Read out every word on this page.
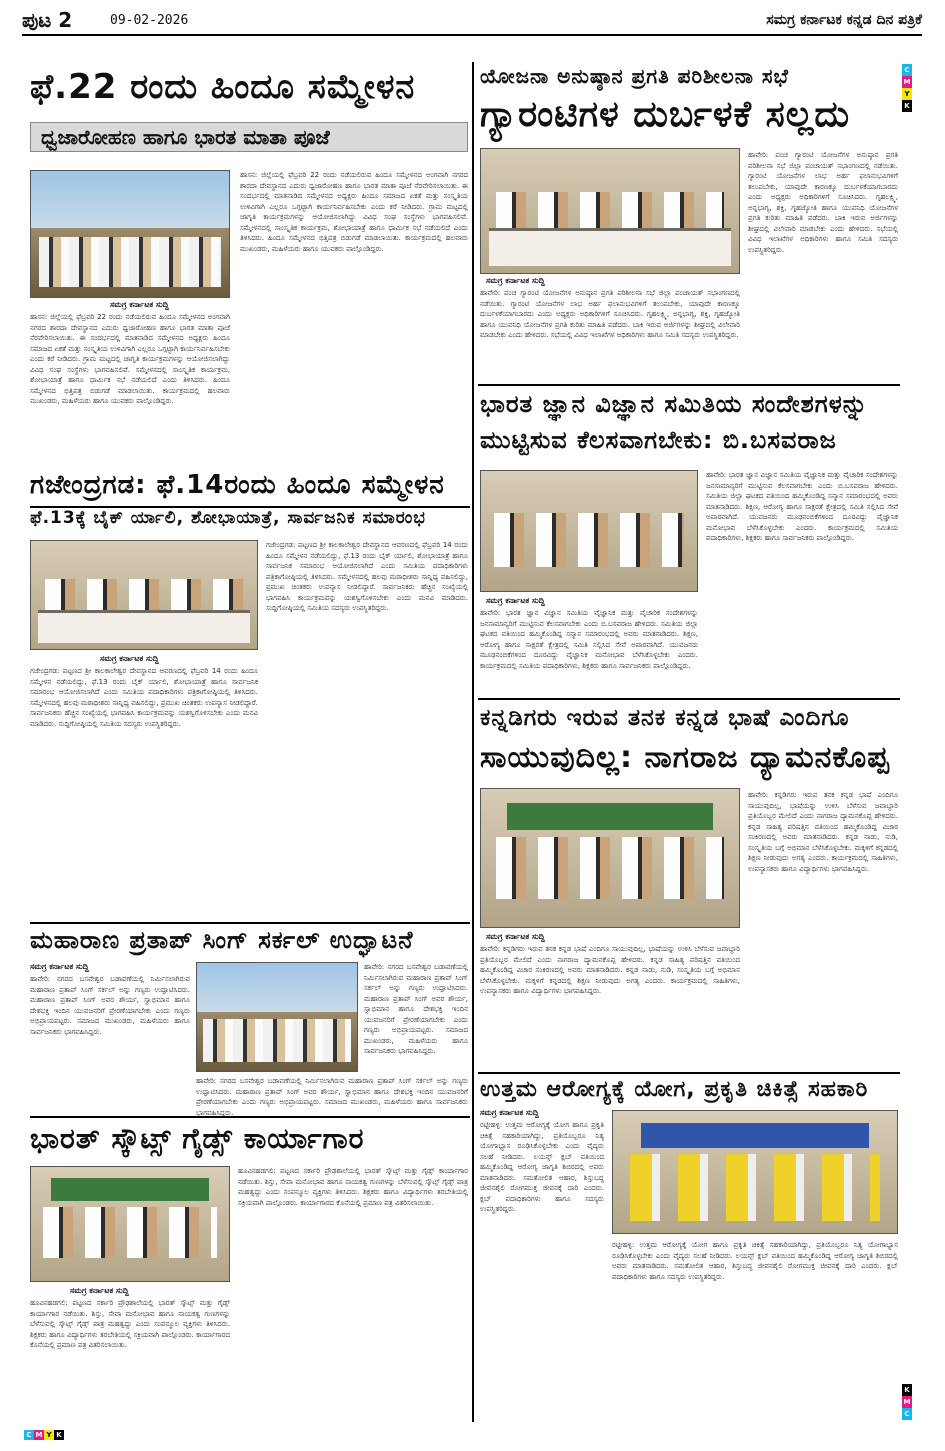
ಪುಟ 2	09-02-2026	ಸಮಗ್ರ ಕರ್ನಾಟಕ ಕನ್ನಡ ದಿನ ಪತ್ರಿಕೆ
C
M
Y
K
K
M
C
C M Y K
ಫೆ.22 ರಂದು ಹಿಂದೂ ಸಮ್ಮೇಳನ
ಧ್ವಜಾರೋಹಣ ಹಾಗೂ ಭಾರತ ಮಾತಾ ಪೂಜೆ
ಸಮಗ್ರ ಕರ್ನಾಟಕ ಸುದ್ದಿ
ಹಾಸನ: ಜಿಲ್ಲೆಯಲ್ಲಿ ಫೆಬ್ರವರಿ 22 ರಂದು ನಡೆಯಲಿರುವ ಹಿಂದೂ ಸಮ್ಮೇಳನದ ಅಂಗವಾಗಿ ನಗರದ ಶಾರದಾ ದೇವಸ್ಥಾನದ ಎದುರು ಧ್ವಜಾರೋಹಣ ಹಾಗೂ ಭಾರತ ಮಾತಾ ಪೂಜೆ ನೆರವೇರಿಸಲಾಯಿತು. ಈ ಸಂದರ್ಭದಲ್ಲಿ ಮಾತನಾಡಿದ ಸಮ್ಮೇಳನದ ಅಧ್ಯಕ್ಷರು ಹಿಂದೂ ಸಮಾಜದ ಏಕತೆ ಮತ್ತು ಸಂಸ್ಕೃತಿಯ ಉಳಿವಿಗಾಗಿ ಎಲ್ಲರೂ ಒಗ್ಗಟ್ಟಾಗಿ ಕಾರ್ಯನಿರ್ವಹಿಸಬೇಕು ಎಂದು ಕರೆ ನೀಡಿದರು. ಗ್ರಾಮ ಮಟ್ಟದಲ್ಲಿ ಜಾಗೃತಿ ಕಾರ್ಯಕ್ರಮಗಳನ್ನು ಆಯೋಜಿಸಲಾಗಿದ್ದು ವಿವಿಧ ಸಂಘ ಸಂಸ್ಥೆಗಳು ಭಾಗವಹಿಸಲಿವೆ. ಸಮ್ಮೇಳನದಲ್ಲಿ ಸಾಂಸ್ಕೃತಿಕ ಕಾರ್ಯಕ್ರಮ, ಶೋಭಾಯಾತ್ರೆ ಹಾಗೂ ಧಾರ್ಮಿಕ ಸಭೆ ನಡೆಯಲಿದೆ ಎಂದು ತಿಳಿಸಿದರು. ಹಿಂದೂ ಸಮ್ಮೇಳನದ ಭಿತ್ತಿಪತ್ರ ಬಿಡುಗಡೆ ಮಾಡಲಾಯಿತು. ಕಾರ್ಯಕ್ರಮದಲ್ಲಿ ಹಲವಾರು ಮುಖಂಡರು, ಮಹಿಳೆಯರು ಹಾಗೂ ಯುವಕರು ಪಾಲ್ಗೊಂಡಿದ್ದರು.
ಹಾಸನ: ಜಿಲ್ಲೆಯಲ್ಲಿ ಫೆಬ್ರವರಿ 22 ರಂದು ನಡೆಯಲಿರುವ ಹಿಂದೂ ಸಮ್ಮೇಳನದ ಅಂಗವಾಗಿ ನಗರದ ಶಾರದಾ ದೇವಸ್ಥಾನದ ಎದುರು ಧ್ವಜಾರೋಹಣ ಹಾಗೂ ಭಾರತ ಮಾತಾ ಪೂಜೆ ನೆರವೇರಿಸಲಾಯಿತು. ಈ ಸಂದರ್ಭದಲ್ಲಿ ಮಾತನಾಡಿದ ಸಮ್ಮೇಳನದ ಅಧ್ಯಕ್ಷರು ಹಿಂದೂ ಸಮಾಜದ ಏಕತೆ ಮತ್ತು ಸಂಸ್ಕೃತಿಯ ಉಳಿವಿಗಾಗಿ ಎಲ್ಲರೂ ಒಗ್ಗಟ್ಟಾಗಿ ಕಾರ್ಯನಿರ್ವಹಿಸಬೇಕು ಎಂದು ಕರೆ ನೀಡಿದರು. ಗ್ರಾಮ ಮಟ್ಟದಲ್ಲಿ ಜಾಗೃತಿ ಕಾರ್ಯಕ್ರಮಗಳನ್ನು ಆಯೋಜಿಸಲಾಗಿದ್ದು ವಿವಿಧ ಸಂಘ ಸಂಸ್ಥೆಗಳು ಭಾಗವಹಿಸಲಿವೆ. ಸಮ್ಮೇಳನದಲ್ಲಿ ಸಾಂಸ್ಕೃತಿಕ ಕಾರ್ಯಕ್ರಮ, ಶೋಭಾಯಾತ್ರೆ ಹಾಗೂ ಧಾರ್ಮಿಕ ಸಭೆ ನಡೆಯಲಿದೆ ಎಂದು ತಿಳಿಸಿದರು. ಹಿಂದೂ ಸಮ್ಮೇಳನದ ಭಿತ್ತಿಪತ್ರ ಬಿಡುಗಡೆ ಮಾಡಲಾಯಿತು. ಕಾರ್ಯಕ್ರಮದಲ್ಲಿ ಹಲವಾರು ಮುಖಂಡರು, ಮಹಿಳೆಯರು ಹಾಗೂ ಯುವಕರು ಪಾಲ್ಗೊಂಡಿದ್ದರು.
ಗಜೇಂದ್ರಗಡ: ಫೆ.14ರಂದು ಹಿಂದೂ ಸಮ್ಮೇಳನ
ಫೆ.13ಕ್ಕೆ ಬೈಕ್ ರ್ಯಾಲಿ, ಶೋಭಾಯಾತ್ರೆ, ಸಾರ್ವಜನಿಕ ಸಮಾರಂಭ
ಸಮಗ್ರ ಕರ್ನಾಟಕ ಸುದ್ದಿ
ಗಜೇಂದ್ರಗಡ: ಪಟ್ಟಣದ ಶ್ರೀ ಕಾಲಕಾಲೇಶ್ವರ ದೇವಸ್ಥಾನದ ಆವರಣದಲ್ಲಿ ಫೆಬ್ರವರಿ 14 ರಂದು ಹಿಂದೂ ಸಮ್ಮೇಳನ ನಡೆಯಲಿದ್ದು, ಫೆ.13 ರಂದು ಬೈಕ್ ರ್ಯಾಲಿ, ಶೋಭಾಯಾತ್ರೆ ಹಾಗೂ ಸಾರ್ವಜನಿಕ ಸಮಾರಂಭ ಆಯೋಜಿಸಲಾಗಿದೆ ಎಂದು ಸಮಿತಿಯ ಪದಾಧಿಕಾರಿಗಳು ಪತ್ರಿಕಾಗೋಷ್ಠಿಯಲ್ಲಿ ತಿಳಿಸಿದರು. ಸಮ್ಮೇಳನದಲ್ಲಿ ಹಲವು ಮಠಾಧೀಶರು ಸಾನ್ನಿಧ್ಯ ವಹಿಸಲಿದ್ದು, ಪ್ರಮುಖ ಚಿಂತಕರು ಉಪನ್ಯಾಸ ನೀಡಲಿದ್ದಾರೆ. ಸಾರ್ವಜನಿಕರು ಹೆಚ್ಚಿನ ಸಂಖ್ಯೆಯಲ್ಲಿ ಭಾಗವಹಿಸಿ ಕಾರ್ಯಕ್ರಮವನ್ನು ಯಶಸ್ವಿಗೊಳಿಸಬೇಕು ಎಂದು ಮನವಿ ಮಾಡಿದರು. ಸುದ್ದಿಗೋಷ್ಠಿಯಲ್ಲಿ ಸಮಿತಿಯ ಸದಸ್ಯರು ಉಪಸ್ಥಿತರಿದ್ದರು.
ಗಜೇಂದ್ರಗಡ: ಪಟ್ಟಣದ ಶ್ರೀ ಕಾಲಕಾಲೇಶ್ವರ ದೇವಸ್ಥಾನದ ಆವರಣದಲ್ಲಿ ಫೆಬ್ರವರಿ 14 ರಂದು ಹಿಂದೂ ಸಮ್ಮೇಳನ ನಡೆಯಲಿದ್ದು, ಫೆ.13 ರಂದು ಬೈಕ್ ರ್ಯಾಲಿ, ಶೋಭಾಯಾತ್ರೆ ಹಾಗೂ ಸಾರ್ವಜನಿಕ ಸಮಾರಂಭ ಆಯೋಜಿಸಲಾಗಿದೆ ಎಂದು ಸಮಿತಿಯ ಪದಾಧಿಕಾರಿಗಳು ಪತ್ರಿಕಾಗೋಷ್ಠಿಯಲ್ಲಿ ತಿಳಿಸಿದರು. ಸಮ್ಮೇಳನದಲ್ಲಿ ಹಲವು ಮಠಾಧೀಶರು ಸಾನ್ನಿಧ್ಯ ವಹಿಸಲಿದ್ದು, ಪ್ರಮುಖ ಚಿಂತಕರು ಉಪನ್ಯಾಸ ನೀಡಲಿದ್ದಾರೆ. ಸಾರ್ವಜನಿಕರು ಹೆಚ್ಚಿನ ಸಂಖ್ಯೆಯಲ್ಲಿ ಭಾಗವಹಿಸಿ ಕಾರ್ಯಕ್ರಮವನ್ನು ಯಶಸ್ವಿಗೊಳಿಸಬೇಕು ಎಂದು ಮನವಿ ಮಾಡಿದರು. ಸುದ್ದಿಗೋಷ್ಠಿಯಲ್ಲಿ ಸಮಿತಿಯ ಸದಸ್ಯರು ಉಪಸ್ಥಿತರಿದ್ದರು.
ಮಹಾರಾಣ ಪ್ರತಾಪ್ ಸಿಂಗ್ ಸರ್ಕಲ್ ಉದ್ಘಾಟನೆ
ಸಮಗ್ರ ಕರ್ನಾಟಕ ಸುದ್ದಿ
ಹಾವೇರಿ: ನಗರದ ಬಸವೇಶ್ವರ ಬಡಾವಣೆಯಲ್ಲಿ ನಿರ್ಮಿಸಲಾಗಿರುವ ಮಹಾರಾಣ ಪ್ರತಾಪ್ ಸಿಂಗ್ ಸರ್ಕಲ್ ಅನ್ನು ಗಣ್ಯರು ಉದ್ಘಾಟಿಸಿದರು. ಮಹಾರಾಣ ಪ್ರತಾಪ್ ಸಿಂಗ್ ಅವರ ಶೌರ್ಯ, ಸ್ವಾಭಿಮಾನ ಹಾಗೂ ದೇಶಭಕ್ತಿ ಇಂದಿನ ಯುವಜನರಿಗೆ ಪ್ರೇರಣೆಯಾಗಬೇಕು ಎಂದು ಗಣ್ಯರು ಅಭಿಪ್ರಾಯಪಟ್ಟರು. ಸಮಾಜದ ಮುಖಂಡರು, ಮಹಿಳೆಯರು ಹಾಗೂ ಸಾರ್ವಜನಿಕರು ಭಾಗವಹಿಸಿದ್ದರು.
ಹಾವೇರಿ: ನಗರದ ಬಸವೇಶ್ವರ ಬಡಾವಣೆಯಲ್ಲಿ ನಿರ್ಮಿಸಲಾಗಿರುವ ಮಹಾರಾಣ ಪ್ರತಾಪ್ ಸಿಂಗ್ ಸರ್ಕಲ್ ಅನ್ನು ಗಣ್ಯರು ಉದ್ಘಾಟಿಸಿದರು. ಮಹಾರಾಣ ಪ್ರತಾಪ್ ಸಿಂಗ್ ಅವರ ಶೌರ್ಯ, ಸ್ವಾಭಿಮಾನ ಹಾಗೂ ದೇಶಭಕ್ತಿ ಇಂದಿನ ಯುವಜನರಿಗೆ ಪ್ರೇರಣೆಯಾಗಬೇಕು ಎಂದು ಗಣ್ಯರು ಅಭಿಪ್ರಾಯಪಟ್ಟರು. ಸಮಾಜದ ಮುಖಂಡರು, ಮಹಿಳೆಯರು ಹಾಗೂ ಸಾರ್ವಜನಿಕರು ಭಾಗವಹಿಸಿದ್ದರು.
ಹಾವೇರಿ: ನಗರದ ಬಸವೇಶ್ವರ ಬಡಾವಣೆಯಲ್ಲಿ ನಿರ್ಮಿಸಲಾಗಿರುವ ಮಹಾರಾಣ ಪ್ರತಾಪ್ ಸಿಂಗ್ ಸರ್ಕಲ್ ಅನ್ನು ಗಣ್ಯರು ಉದ್ಘಾಟಿಸಿದರು. ಮಹಾರಾಣ ಪ್ರತಾಪ್ ಸಿಂಗ್ ಅವರ ಶೌರ್ಯ, ಸ್ವಾಭಿಮಾನ ಹಾಗೂ ದೇಶಭಕ್ತಿ ಇಂದಿನ ಯುವಜನರಿಗೆ ಪ್ರೇರಣೆಯಾಗಬೇಕು ಎಂದು ಗಣ್ಯರು ಅಭಿಪ್ರಾಯಪಟ್ಟರು. ಸಮಾಜದ ಮುಖಂಡರು, ಮಹಿಳೆಯರು ಹಾಗೂ ಸಾರ್ವಜನಿಕರು ಭಾಗವಹಿಸಿದ್ದರು.
ಭಾರತ್ ಸ್ಕೌಟ್ಸ್ ಗೈಡ್ಸ್ ಕಾರ್ಯಾಗಾರ
ಸಮಗ್ರ ಕರ್ನಾಟಕ ಸುದ್ದಿ
ಹೂವಿನಹಡಗಲಿ: ಪಟ್ಟಣದ ಸರ್ಕಾರಿ ಪ್ರೌಢಶಾಲೆಯಲ್ಲಿ ಭಾರತ್ ಸ್ಕೌಟ್ಸ್ ಮತ್ತು ಗೈಡ್ಸ್ ಕಾರ್ಯಾಗಾರ ನಡೆಯಿತು. ಶಿಸ್ತು, ಸೇವಾ ಮನೋಭಾವ ಹಾಗೂ ನಾಯಕತ್ವ ಗುಣಗಳನ್ನು ಬೆಳೆಸುವಲ್ಲಿ ಸ್ಕೌಟ್ಸ್ ಗೈಡ್ಸ್ ಪಾತ್ರ ಮಹತ್ವದ್ದು ಎಂದು ಸಂಪನ್ಮೂಲ ವ್ಯಕ್ತಿಗಳು ತಿಳಿಸಿದರು. ಶಿಕ್ಷಕರು ಹಾಗೂ ವಿದ್ಯಾರ್ಥಿಗಳು ತರಬೇತಿಯಲ್ಲಿ ಸಕ್ರಿಯವಾಗಿ ಪಾಲ್ಗೊಂಡರು. ಕಾರ್ಯಾಗಾರದ ಕೊನೆಯಲ್ಲಿ ಪ್ರಮಾಣ ಪತ್ರ ವಿತರಿಸಲಾಯಿತು.
ಹೂವಿನಹಡಗಲಿ: ಪಟ್ಟಣದ ಸರ್ಕಾರಿ ಪ್ರೌಢಶಾಲೆಯಲ್ಲಿ ಭಾರತ್ ಸ್ಕೌಟ್ಸ್ ಮತ್ತು ಗೈಡ್ಸ್ ಕಾರ್ಯಾಗಾರ ನಡೆಯಿತು. ಶಿಸ್ತು, ಸೇವಾ ಮನೋಭಾವ ಹಾಗೂ ನಾಯಕತ್ವ ಗುಣಗಳನ್ನು ಬೆಳೆಸುವಲ್ಲಿ ಸ್ಕೌಟ್ಸ್ ಗೈಡ್ಸ್ ಪಾತ್ರ ಮಹತ್ವದ್ದು ಎಂದು ಸಂಪನ್ಮೂಲ ವ್ಯಕ್ತಿಗಳು ತಿಳಿಸಿದರು. ಶಿಕ್ಷಕರು ಹಾಗೂ ವಿದ್ಯಾರ್ಥಿಗಳು ತರಬೇತಿಯಲ್ಲಿ ಸಕ್ರಿಯವಾಗಿ ಪಾಲ್ಗೊಂಡರು. ಕಾರ್ಯಾಗಾರದ ಕೊನೆಯಲ್ಲಿ ಪ್ರಮಾಣ ಪತ್ರ ವಿತರಿಸಲಾಯಿತು.
ಯೋಜನಾ ಅನುಷ್ಠಾನ ಪ್ರಗತಿ ಪರಿಶೀಲನಾ ಸಭೆ
ಗ್ಯಾರಂಟಿಗಳ ದುರ್ಬಳಕೆ ಸಲ್ಲದು
ಸಮಗ್ರ ಕರ್ನಾಟಕ ಸುದ್ದಿ
ಹಾವೇರಿ: ಪಂಚ ಗ್ಯಾರಂಟಿ ಯೋಜನೆಗಳ ಅನುಷ್ಠಾನ ಪ್ರಗತಿ ಪರಿಶೀಲನಾ ಸಭೆ ಜಿಲ್ಲಾ ಪಂಚಾಯತ್ ಸಭಾಂಗಣದಲ್ಲಿ ನಡೆಯಿತು. ಗ್ಯಾರಂಟಿ ಯೋಜನೆಗಳ ಲಾಭ ಅರ್ಹ ಫಲಾನುಭವಿಗಳಿಗೆ ತಲುಪಬೇಕು, ಯಾವುದೇ ಕಾರಣಕ್ಕೂ ದುರ್ಬಳಕೆಯಾಗಬಾರದು ಎಂದು ಅಧ್ಯಕ್ಷರು ಅಧಿಕಾರಿಗಳಿಗೆ ಸೂಚಿಸಿದರು. ಗೃಹಲಕ್ಷ್ಮಿ, ಅನ್ನಭಾಗ್ಯ, ಶಕ್ತಿ, ಗೃಹಜ್ಯೋತಿ ಹಾಗೂ ಯುವನಿಧಿ ಯೋಜನೆಗಳ ಪ್ರಗತಿ ಕುರಿತು ಮಾಹಿತಿ ಪಡೆದರು. ಬಾಕಿ ಇರುವ ಅರ್ಜಿಗಳನ್ನು ಶೀಘ್ರದಲ್ಲಿ ವಿಲೇವಾರಿ ಮಾಡಬೇಕು ಎಂದು ಹೇಳಿದರು. ಸಭೆಯಲ್ಲಿ ವಿವಿಧ ಇಲಾಖೆಗಳ ಅಧಿಕಾರಿಗಳು ಹಾಗೂ ಸಮಿತಿ ಸದಸ್ಯರು ಉಪಸ್ಥಿತರಿದ್ದರು.
ಹಾವೇರಿ: ಪಂಚ ಗ್ಯಾರಂಟಿ ಯೋಜನೆಗಳ ಅನುಷ್ಠಾನ ಪ್ರಗತಿ ಪರಿಶೀಲನಾ ಸಭೆ ಜಿಲ್ಲಾ ಪಂಚಾಯತ್ ಸಭಾಂಗಣದಲ್ಲಿ ನಡೆಯಿತು. ಗ್ಯಾರಂಟಿ ಯೋಜನೆಗಳ ಲಾಭ ಅರ್ಹ ಫಲಾನುಭವಿಗಳಿಗೆ ತಲುಪಬೇಕು, ಯಾವುದೇ ಕಾರಣಕ್ಕೂ ದುರ್ಬಳಕೆಯಾಗಬಾರದು ಎಂದು ಅಧ್ಯಕ್ಷರು ಅಧಿಕಾರಿಗಳಿಗೆ ಸೂಚಿಸಿದರು. ಗೃಹಲಕ್ಷ್ಮಿ, ಅನ್ನಭಾಗ್ಯ, ಶಕ್ತಿ, ಗೃಹಜ್ಯೋತಿ ಹಾಗೂ ಯುವನಿಧಿ ಯೋಜನೆಗಳ ಪ್ರಗತಿ ಕುರಿತು ಮಾಹಿತಿ ಪಡೆದರು. ಬಾಕಿ ಇರುವ ಅರ್ಜಿಗಳನ್ನು ಶೀಘ್ರದಲ್ಲಿ ವಿಲೇವಾರಿ ಮಾಡಬೇಕು ಎಂದು ಹೇಳಿದರು. ಸಭೆಯಲ್ಲಿ ವಿವಿಧ ಇಲಾಖೆಗಳ ಅಧಿಕಾರಿಗಳು ಹಾಗೂ ಸಮಿತಿ ಸದಸ್ಯರು ಉಪಸ್ಥಿತರಿದ್ದರು.
ಭಾರತ ಜ್ಞಾನ ವಿಜ್ಞಾನ ಸಮಿತಿಯ ಸಂದೇಶಗಳನ್ನು
ಮುಟ್ಟಿಸುವ ಕೆಲಸವಾಗಬೇಕು: ಬಿ.ಬಸವರಾಜ
ಸಮಗ್ರ ಕರ್ನಾಟಕ ಸುದ್ದಿ
ಹಾವೇರಿ: ಭಾರತ ಜ್ಞಾನ ವಿಜ್ಞಾನ ಸಮಿತಿಯ ವೈಜ್ಞಾನಿಕ ಮತ್ತು ವೈಚಾರಿಕ ಸಂದೇಶಗಳನ್ನು ಜನಸಾಮಾನ್ಯರಿಗೆ ಮುಟ್ಟಿಸುವ ಕೆಲಸವಾಗಬೇಕು ಎಂದು ಬಿ.ಬಸವರಾಜ ಹೇಳಿದರು. ಸಮಿತಿಯ ಜಿಲ್ಲಾ ಘಟಕದ ವತಿಯಿಂದ ಹಮ್ಮಿಕೊಂಡಿದ್ದ ಸನ್ಮಾನ ಸಮಾರಂಭದಲ್ಲಿ ಅವರು ಮಾತನಾಡಿದರು. ಶಿಕ್ಷಣ, ಆರೋಗ್ಯ ಹಾಗೂ ಸಾಕ್ಷರತೆ ಕ್ಷೇತ್ರದಲ್ಲಿ ಸಮಿತಿ ಸಲ್ಲಿಸಿದ ಸೇವೆ ಅಪಾರವಾಗಿದೆ. ಯುವಜನರು ಮೂಢನಂಬಿಕೆಗಳಿಂದ ದೂರವಿದ್ದು ವೈಜ್ಞಾನಿಕ ಮನೋಭಾವ ಬೆಳೆಸಿಕೊಳ್ಳಬೇಕು ಎಂದರು. ಕಾರ್ಯಕ್ರಮದಲ್ಲಿ ಸಮಿತಿಯ ಪದಾಧಿಕಾರಿಗಳು, ಶಿಕ್ಷಕರು ಹಾಗೂ ಸಾರ್ವಜನಿಕರು ಪಾಲ್ಗೊಂಡಿದ್ದರು.
ಹಾವೇರಿ: ಭಾರತ ಜ್ಞಾನ ವಿಜ್ಞಾನ ಸಮಿತಿಯ ವೈಜ್ಞಾನಿಕ ಮತ್ತು ವೈಚಾರಿಕ ಸಂದೇಶಗಳನ್ನು ಜನಸಾಮಾನ್ಯರಿಗೆ ಮುಟ್ಟಿಸುವ ಕೆಲಸವಾಗಬೇಕು ಎಂದು ಬಿ.ಬಸವರಾಜ ಹೇಳಿದರು. ಸಮಿತಿಯ ಜಿಲ್ಲಾ ಘಟಕದ ವತಿಯಿಂದ ಹಮ್ಮಿಕೊಂಡಿದ್ದ ಸನ್ಮಾನ ಸಮಾರಂಭದಲ್ಲಿ ಅವರು ಮಾತನಾಡಿದರು. ಶಿಕ್ಷಣ, ಆರೋಗ್ಯ ಹಾಗೂ ಸಾಕ್ಷರತೆ ಕ್ಷೇತ್ರದಲ್ಲಿ ಸಮಿತಿ ಸಲ್ಲಿಸಿದ ಸೇವೆ ಅಪಾರವಾಗಿದೆ. ಯುವಜನರು ಮೂಢನಂಬಿಕೆಗಳಿಂದ ದೂರವಿದ್ದು ವೈಜ್ಞಾನಿಕ ಮನೋಭಾವ ಬೆಳೆಸಿಕೊಳ್ಳಬೇಕು ಎಂದರು. ಕಾರ್ಯಕ್ರಮದಲ್ಲಿ ಸಮಿತಿಯ ಪದಾಧಿಕಾರಿಗಳು, ಶಿಕ್ಷಕರು ಹಾಗೂ ಸಾರ್ವಜನಿಕರು ಪಾಲ್ಗೊಂಡಿದ್ದರು.
ಕನ್ನಡಿಗರು ಇರುವ ತನಕ ಕನ್ನಡ ಭಾಷೆ ಎಂದಿಗೂ
ಸಾಯುವುದಿಲ್ಲ: ನಾಗರಾಜ ದ್ಯಾಮನಕೊಪ್ಪ
ಸಮಗ್ರ ಕರ್ನಾಟಕ ಸುದ್ದಿ
ಹಾವೇರಿ: ಕನ್ನಡಿಗರು ಇರುವ ತನಕ ಕನ್ನಡ ಭಾಷೆ ಎಂದಿಗೂ ಸಾಯುವುದಿಲ್ಲ, ಭಾಷೆಯನ್ನು ಉಳಿಸಿ ಬೆಳೆಸುವ ಜವಾಬ್ದಾರಿ ಪ್ರತಿಯೊಬ್ಬರ ಮೇಲಿದೆ ಎಂದು ನಾಗರಾಜ ದ್ಯಾಮನಕೊಪ್ಪ ಹೇಳಿದರು. ಕನ್ನಡ ಸಾಹಿತ್ಯ ಪರಿಷತ್ತಿನ ವತಿಯಿಂದ ಹಮ್ಮಿಕೊಂಡಿದ್ದ ವಿಚಾರ ಸಂಕಿರಣದಲ್ಲಿ ಅವರು ಮಾತನಾಡಿದರು. ಕನ್ನಡ ನಾಡು, ನುಡಿ, ಸಂಸ್ಕೃತಿಯ ಬಗ್ಗೆ ಅಭಿಮಾನ ಬೆಳೆಸಿಕೊಳ್ಳಬೇಕು. ಮಕ್ಕಳಿಗೆ ಕನ್ನಡದಲ್ಲಿ ಶಿಕ್ಷಣ ನೀಡುವುದು ಅಗತ್ಯ ಎಂದರು. ಕಾರ್ಯಕ್ರಮದಲ್ಲಿ ಸಾಹಿತಿಗಳು, ಉಪನ್ಯಾಸಕರು ಹಾಗೂ ವಿದ್ಯಾರ್ಥಿಗಳು ಭಾಗವಹಿಸಿದ್ದರು.
ಹಾವೇರಿ: ಕನ್ನಡಿಗರು ಇರುವ ತನಕ ಕನ್ನಡ ಭಾಷೆ ಎಂದಿಗೂ ಸಾಯುವುದಿಲ್ಲ, ಭಾಷೆಯನ್ನು ಉಳಿಸಿ ಬೆಳೆಸುವ ಜವಾಬ್ದಾರಿ ಪ್ರತಿಯೊಬ್ಬರ ಮೇಲಿದೆ ಎಂದು ನಾಗರಾಜ ದ್ಯಾಮನಕೊಪ್ಪ ಹೇಳಿದರು. ಕನ್ನಡ ಸಾಹಿತ್ಯ ಪರಿಷತ್ತಿನ ವತಿಯಿಂದ ಹಮ್ಮಿಕೊಂಡಿದ್ದ ವಿಚಾರ ಸಂಕಿರಣದಲ್ಲಿ ಅವರು ಮಾತನಾಡಿದರು. ಕನ್ನಡ ನಾಡು, ನುಡಿ, ಸಂಸ್ಕೃತಿಯ ಬಗ್ಗೆ ಅಭಿಮಾನ ಬೆಳೆಸಿಕೊಳ್ಳಬೇಕು. ಮಕ್ಕಳಿಗೆ ಕನ್ನಡದಲ್ಲಿ ಶಿಕ್ಷಣ ನೀಡುವುದು ಅಗತ್ಯ ಎಂದರು. ಕಾರ್ಯಕ್ರಮದಲ್ಲಿ ಸಾಹಿತಿಗಳು, ಉಪನ್ಯಾಸಕರು ಹಾಗೂ ವಿದ್ಯಾರ್ಥಿಗಳು ಭಾಗವಹಿಸಿದ್ದರು.
ಉತ್ತಮ ಆರೋಗ್ಯಕ್ಕೆ ಯೋಗ, ಪ್ರಕೃತಿ ಚಿಕಿತ್ಸೆ ಸಹಕಾರಿ
ಸಮಗ್ರ ಕರ್ನಾಟಕ ಸುದ್ದಿ
ರಟ್ಟೀಹಳ್ಳಿ: ಉತ್ತಮ ಆರೋಗ್ಯಕ್ಕೆ ಯೋಗ ಹಾಗೂ ಪ್ರಕೃತಿ ಚಿಕಿತ್ಸೆ ಸಹಕಾರಿಯಾಗಿದ್ದು, ಪ್ರತಿಯೊಬ್ಬರೂ ನಿತ್ಯ ಯೋಗಾಭ್ಯಾಸ ರೂಢಿಸಿಕೊಳ್ಳಬೇಕು ಎಂದು ವೈದ್ಯರು ಸಲಹೆ ನೀಡಿದರು. ಲಯನ್ಸ್ ಕ್ಲಬ್ ವತಿಯಿಂದ ಹಮ್ಮಿಕೊಂಡಿದ್ದ ಆರೋಗ್ಯ ಜಾಗೃತಿ ಶಿಬಿರದಲ್ಲಿ ಅವರು ಮಾತನಾಡಿದರು. ಸಮತೋಲಿತ ಆಹಾರ, ಶಿಸ್ತುಬದ್ಧ ಜೀವನಶೈಲಿ ರೋಗಮುಕ್ತ ಜೀವನಕ್ಕೆ ದಾರಿ ಎಂದರು. ಕ್ಲಬ್ ಪದಾಧಿಕಾರಿಗಳು ಹಾಗೂ ಸದಸ್ಯರು ಉಪಸ್ಥಿತರಿದ್ದರು.
ರಟ್ಟೀಹಳ್ಳಿ: ಉತ್ತಮ ಆರೋಗ್ಯಕ್ಕೆ ಯೋಗ ಹಾಗೂ ಪ್ರಕೃತಿ ಚಿಕಿತ್ಸೆ ಸಹಕಾರಿಯಾಗಿದ್ದು, ಪ್ರತಿಯೊಬ್ಬರೂ ನಿತ್ಯ ಯೋಗಾಭ್ಯಾಸ ರೂಢಿಸಿಕೊಳ್ಳಬೇಕು ಎಂದು ವೈದ್ಯರು ಸಲಹೆ ನೀಡಿದರು. ಲಯನ್ಸ್ ಕ್ಲಬ್ ವತಿಯಿಂದ ಹಮ್ಮಿಕೊಂಡಿದ್ದ ಆರೋಗ್ಯ ಜಾಗೃತಿ ಶಿಬಿರದಲ್ಲಿ ಅವರು ಮಾತನಾಡಿದರು. ಸಮತೋಲಿತ ಆಹಾರ, ಶಿಸ್ತುಬದ್ಧ ಜೀವನಶೈಲಿ ರೋಗಮುಕ್ತ ಜೀವನಕ್ಕೆ ದಾರಿ ಎಂದರು. ಕ್ಲಬ್ ಪದಾಧಿಕಾರಿಗಳು ಹಾಗೂ ಸದಸ್ಯರು ಉಪಸ್ಥಿತರಿದ್ದರು.
